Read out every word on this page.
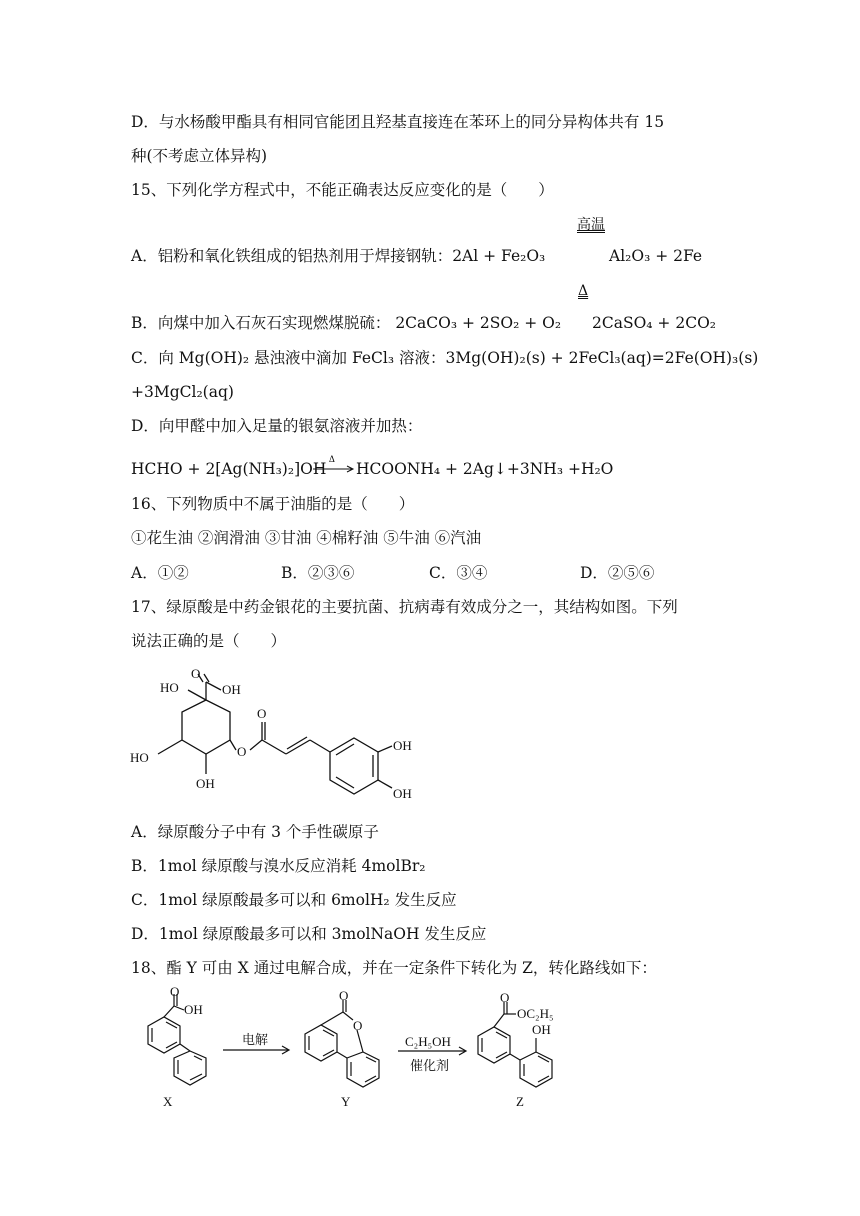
D．与水杨酸甲酯具有相同官能团且羟基直接连在苯环上的同分异构体共有 15
种(不考虑立体异构)
15、下列化学方程式中，不能正确表达反应变化的是（　　）
高温
A．铝粉和氧化铁组成的铝热剂用于焊接钢轨：2Al + Fe₂O₃	Al₂O₃ + 2Fe
Δ
B．向煤中加入石灰石实现燃煤脱硫： 2CaCO₃ + 2SO₂ + O₂ 2CaSO₄ + 2CO₂
C．向 Mg(OH)₂ 悬浊液中滴加 FeCl₃ 溶液：3Mg(OH)₂(s) + 2FeCl₃(aq)=2Fe(OH)₃(s)
+3MgCl₂(aq)
D．向甲醛中加入足量的银氨溶液并加热：
HCHO + 2[Ag(NH₃)₂]OH
Δ
HCOONH₄ + 2Ag↓+3NH₃ +H₂O
16、下列物质中不属于油脂的是（　　）
①花生油 ②润滑油 ③甘油 ④棉籽油 ⑤牛油 ⑥汽油
A．①②	B．②③⑥	C．③④	D．②⑤⑥
17、绿原酸是中药金银花的主要抗菌、抗病毒有效成分之一，其结构如图。下列
说法正确的是（　　）
HO
O
OH
O
O
HO
OH
OH
OH
A．绿原酸分子中有 3 个手性碳原子
B．1mol 绿原酸与溴水反应消耗 4molBr₂
C．1mol 绿原酸最多可以和 6molH₂ 发生反应
D．1mol 绿原酸最多可以和 3molNaOH 发生反应
18、酯 Y 可由 X 通过电解合成，并在一定条件下转化为 Z，转化路线如下：
O
OH
X
电解
O
O
Y
C₂H₅OH
催化剂
O
OC₂H₅
OH
Z
